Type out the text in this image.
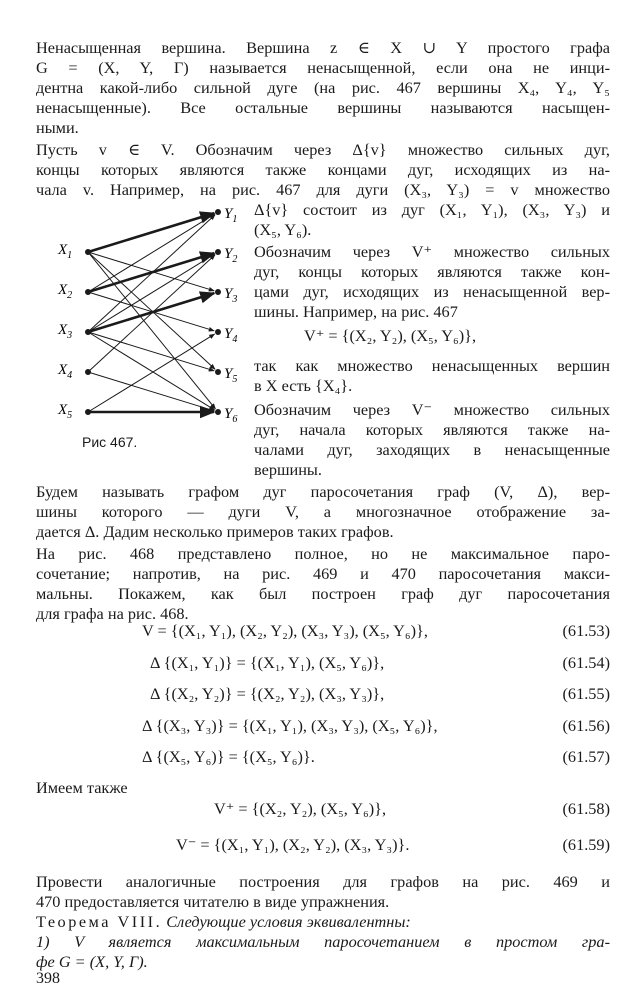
Ненасыщенная вершина. Вершина z ∈ X ∪ Y простого графа
G = (X, Y, Γ) называется ненасыщенной, если она не инци-
дентна какой-либо сильной дуге (на рис. 467 вершины X₄, Y₄, Y₅
ненасыщенные). Все остальные вершины называются насыщен-
ными.
Пусть v ∈ V. Обозначим через Δ{v} множество сильных дуг,
концы которых являются также концами дуг, исходящих из на-
чала v. Например, на рис. 467 для дуги (X₃, Y₃) = v множество
Δ{v} состоит из дуг (X₁, Y₁), (X₃, Y₃) и
(X₅, Y₆).
Обозначим через V⁺ множество сильных
дуг, концы которых являются также кон-
цами дуг, исходящих из ненасыщенной вер-
шины. Например, на рис. 467
V⁺ = {(X₂, Y₂), (X₅, Y₆)},
так как множество ненасыщенных вершин
в X есть {X₄}.
Обозначим через V⁻ множество сильных
дуг, начала которых являются также на-
чалами дуг, заходящих в ненасыщенные
вершины.
$X_1$
$X_2$
$X_3$
$X_4$
$X_5$
$Y_1$
$Y_2$
$Y_3$
$Y_4$
$Y_5$
$Y_6$
Рис 467.
Будем называть графом дуг паросочетания граф (V, Δ), вер-
шины которого — дуги V, а многозначное отображение за-
дается Δ. Дадим несколько примеров таких графов.
На рис. 468 представлено полное, но не максимальное паро-
сочетание; напротив, на рис. 469 и 470 паросочетания макси-
мальны. Покажем, как был построен граф дуг паросочетания
для графа на рис. 468.
V = {(X₁, Y₁), (X₂, Y₂), (X₃, Y₃), (X₅, Y₆)},	(61.53)
Δ {(X₁, Y₁)} = {(X₁, Y₁), (X₅, Y₆)},	(61.54)
Δ {(X₂, Y₂)} = {(X₂, Y₂), (X₃, Y₃)},	(61.55)
Δ {(X₃, Y₃)} = {(X₁, Y₁), (X₃, Y₃), (X₅, Y₆)},	(61.56)
Δ {(X₅, Y₆)} = {(X₅, Y₆)}.	(61.57)
Имеем также
V⁺ = {(X₂, Y₂), (X₅, Y₆)},	(61.58)
V⁻ = {(X₁, Y₁), (X₂, Y₂), (X₃, Y₃)}.	(61.59)
Провести аналогичные построения для графов на рис. 469 и
470 предоставляется читателю в виде упражнения.
Теорема VIII. Следующие условия эквивалентны:
1) V является максимальным паросочетанием в простом гра-
фе G = (X, Y, Γ).
398
